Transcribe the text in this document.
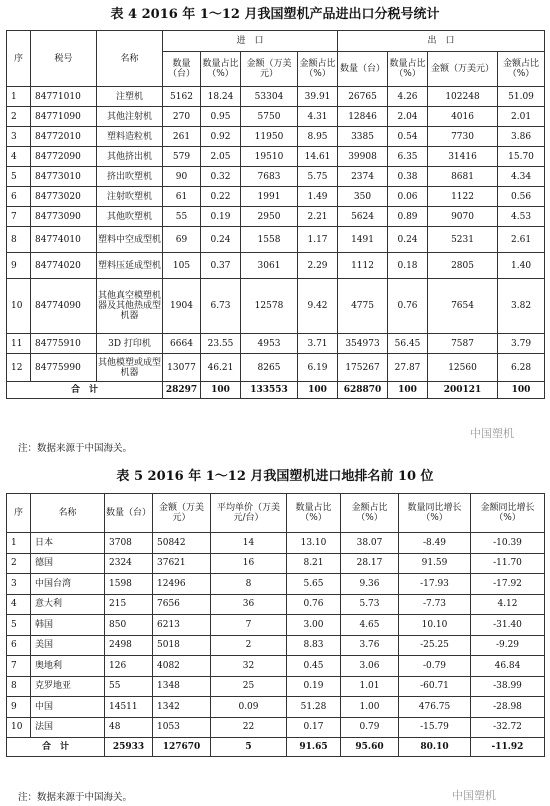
表 4 2016 年 1～12 月我国塑机产品进出口分税号统计
序	税号	名称	进　口				出　口			
			数量（台）	数量占比（%）	金额（万美元）	金额占比（%）	数量（台）	数量占比（%）	金额（万美元）	金额占比（%）
1	84771010	注塑机	5162	18.24	53304	39.91	26765	4.26	102248	51.09
2	84771090	其他注射机	270	0.95	5750	4.31	12846	2.04	4016	2.01
3	84772010	塑料造粒机	261	0.92	11950	8.95	3385	0.54	7730	3.86
4	84772090	其他挤出机	579	2.05	19510	14.61	39908	6.35	31416	15.70
5	84773010	挤出吹塑机	90	0.32	7683	5.75	2374	0.38	8681	4.34
6	84773020	注射吹塑机	61	0.22	1991	1.49	350	0.06	1122	0.56
7	84773090	其他吹塑机	55	0.19	2950	2.21	5624	0.89	9070	4.53
8	84774010	塑料中空成型机	69	0.24	1558	1.17	1491	0.24	5231	2.61
9	84774020	塑料压延成型机	105	0.37	3061	2.29	1112	0.18	2805	1.40
10	84774090	其他真空模塑机器及其他热成型机器	1904	6.73	12578	9.42	4775	0.76	7654	3.82
11	84775910	3D 打印机	6664	23.55	4953	3.71	354973	56.45	7587	3.79
12	84775990	其他模塑或成型机器	13077	46.21	8265	6.19	175267	27.87	12560	6.28
合　计			28297	100	133553	100	628870	100	200121	100
注：数据来源于中国海关。
中国塑机
表 5 2016 年 1～12 月我国塑机进口地排名前 10 位
序	名称	数量（台）	金额（万美元）	平均单价（万美元/台）	数量占比（%）	金额占比（%）	数量同比增长（%）	金额同比增长（%）
1	日本	3708	50842	14	13.10	38.07	-8.49	-10.39
2	德国	2324	37621	16	8.21	28.17	91.59	-11.70
3	中国台湾	1598	12496	8	5.65	9.36	-17.93	-17.92
4	意大利	215	7656	36	0.76	5.73	-7.73	4.12
5	韩国	850	6213	7	3.00	4.65	10.10	-31.40
6	美国	2498	5018	2	8.83	3.76	-25.25	-9.29
7	奥地利	126	4082	32	0.45	3.06	-0.79	46.84
8	克罗地亚	55	1348	25	0.19	1.01	-60.71	-38.99
9	中国	14511	1342	0.09	51.28	1.00	476.75	-28.98
10	法国	48	1053	22	0.17	0.79	-15.79	-32.72
合　计		25933	127670	5	91.65	95.60	80.10	-11.92
注：数据来源于中国海关。	中国塑机
